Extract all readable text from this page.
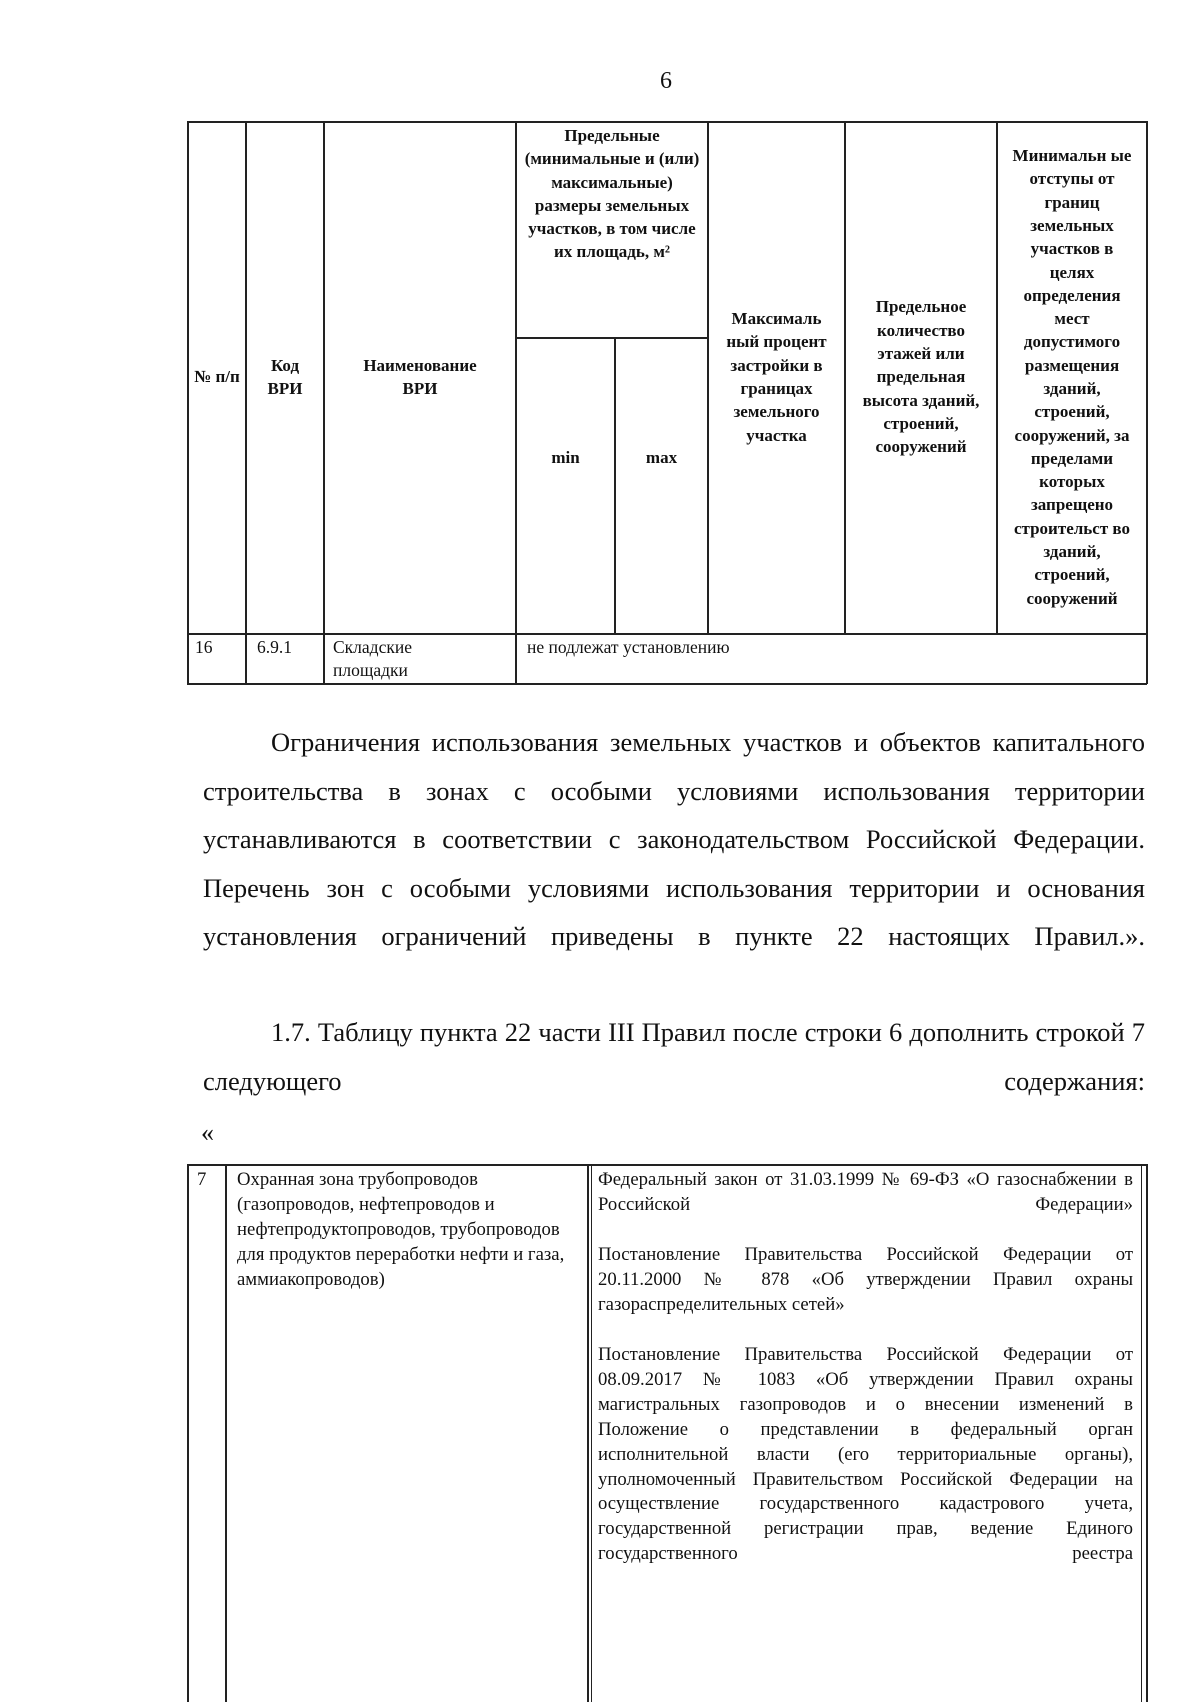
6
№ п/п
Код ВРИ
Наименование ВРИ
Предельные (минимальные и (или) максимальные) размеры земельных участков, в том числе их площадь, м²
min	max
Максималь ный процент застройки в границах земельного участка
Предельное количество этажей или предельная высота зданий, строений, сооружений
Минимальн ые отступы от границ земельных участков в целях определения мест допустимого размещения зданий, строений, сооружений, за пределами которых запрещено строительст во зданий, строений, сооружений
16	6.9.1 Складские площадки
не подлежат установлению

Ограничения использования земельных участков и объектов капитального строительства в зонах с особыми условиями использования территории устанавливаются в соответствии с законодательством Российской Федерации. Перечень зон с особыми условиями использования территории и основания установления ограничений приведены в пункте 22 настоящих Правил.».

1.7. Таблицу пункта 22 части III Правил после строки 6 дополнить строкой 7 следующего содержания:

«
7 Охранная зона трубопроводов (газопроводов, нефтепроводов и нефтепродуктопроводов, трубопроводов для продуктов переработки нефти и газа, аммиакопроводов)
Федеральный закон от 31.03.1999 № 69-ФЗ «О газоснабжении в Российской Федерации»
Постановление Правительства Российской Федерации от 20.11.2000 № 878 «Об утверждении Правил охраны газораспределительных сетей»
Постановление Правительства Российской Федерации от 08.09.2017 № 1083 «Об утверждении Правил охраны магистральных газопроводов и о внесении изменений в Положение о представлении в федеральный орган исполнительной власти (его территориальные органы), уполномоченный Правительством Российской Федерации на осуществление государственного кадастрового учета, государственной регистрации прав, ведение Единого государственного реестра
